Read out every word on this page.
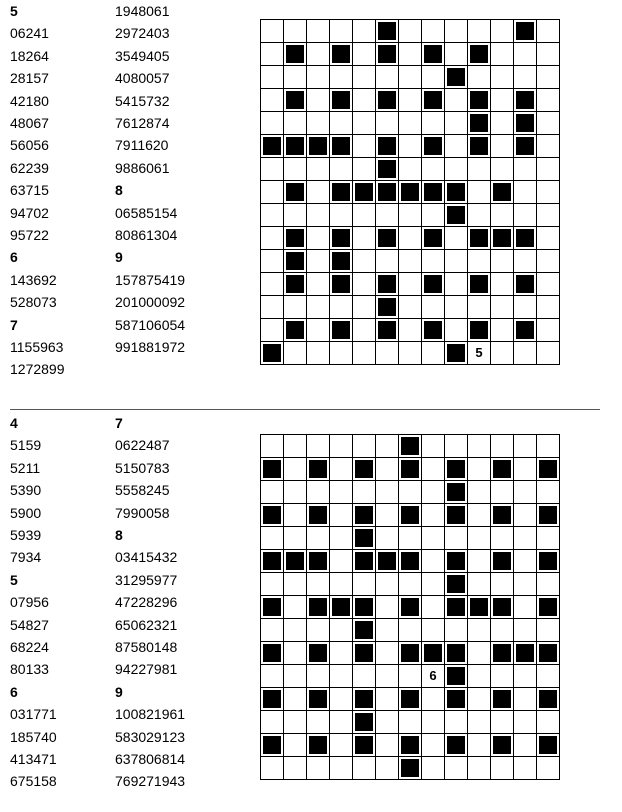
5
06241
18264
28157
42180
48067
56056
62239
63715
94702
95722
6
143692
528073
7
1155963
1272899
1948061
2972403
3549405
4080057
5415732
7612874
7911620
9886061
8
06585154
80861304
9
157875419
201000092
587106054
991881972

									5			

4
5159
5211
5390
5900
5939
7934
5
07956
54827
68224
80133
6
031771
185740
413471
675158
7
0622487
5150783
5558245
7990058
8
03415432
31295977
47228296
65062321
87580148
94227981
9
100821961
583029123
637806814
769271943

							6					
